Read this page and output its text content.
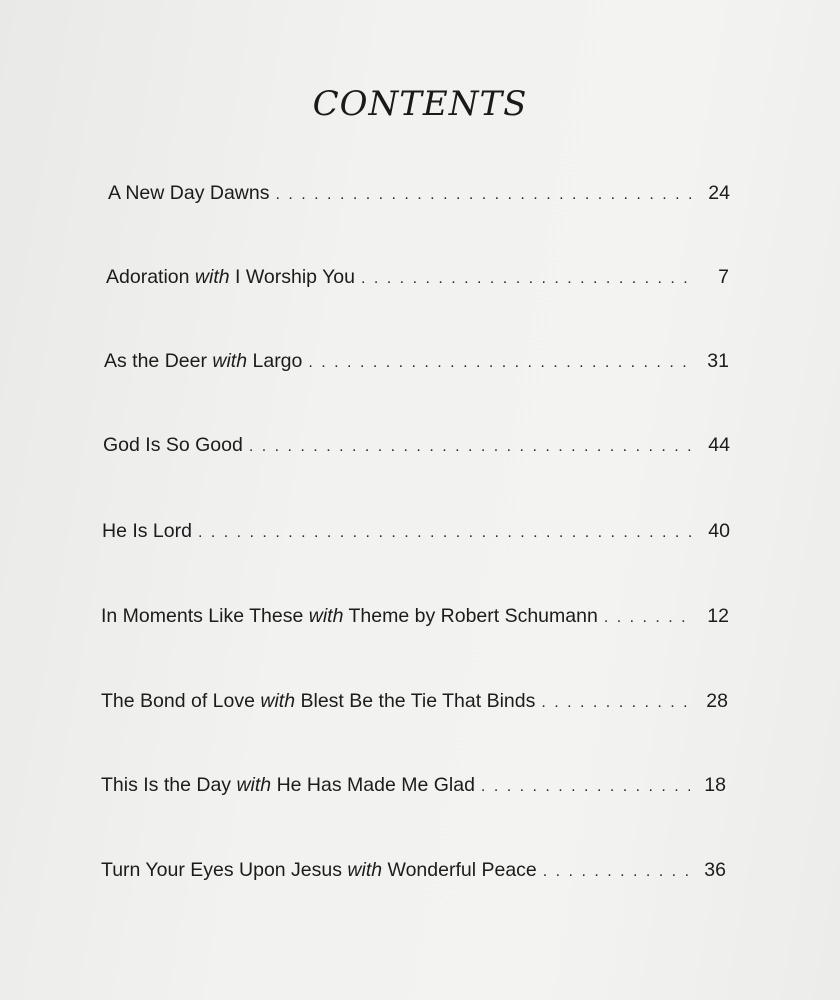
CONTENTS
A New Day Dawns . . .	24
Adoration with I Worship You . . .	7
As the Deer with Largo . . .	31
God Is So Good . . .	44
He Is Lord . . .	40
In Moments Like These with Theme by Robert Schumann . . .	12
The Bond of Love with Blest Be the Tie That Binds . . .	28
This Is the Day with He Has Made Me Glad . . .	18
Turn Your Eyes Upon Jesus with Wonderful Peace . . .	36
